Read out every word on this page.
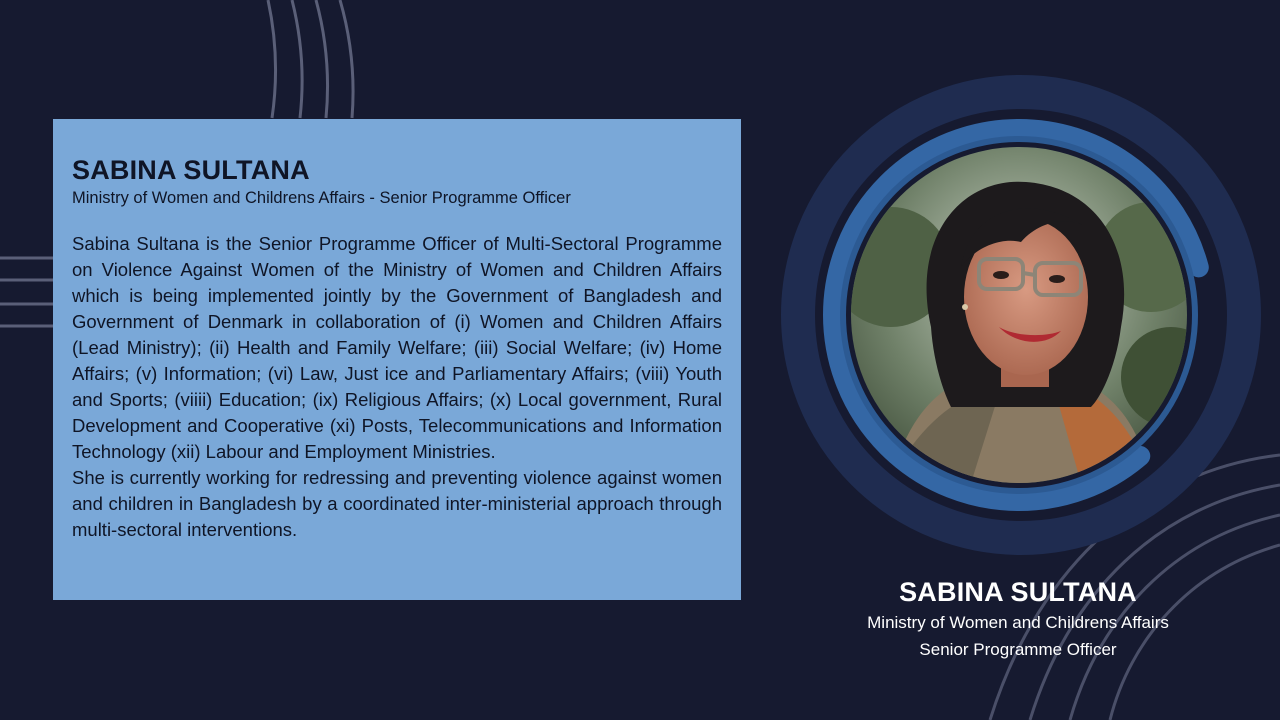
SABINA SULTANA
Ministry of Women and Childrens Affairs - Senior Programme Officer

Sabina Sultana is the Senior Programme Officer of Multi-Sectoral Programme on Violence Against Women of the Ministry of Women and Children Affairs which is being implemented jointly by the Government of Bangladesh and Government of Denmark in collaboration of (i) Women and Children Affairs (Lead Ministry); (ii) Health and Family Welfare; (iii) Social Welfare; (iv) Home Affairs; (v) Information; (vi) Law, Just ice and Parliamentary Affairs; (viii) Youth and Sports; (viiii) Education; (ix) Religious Affairs; (x) Local government, Rural Development and Cooperative (xi) Posts, Telecommunications and Information Technology (xii) Labour and Employment Ministries.

She is currently working for redressing and preventing violence against women and children in Bangladesh by a coordinated inter-ministerial approach through multi-sectoral interventions.

SABINA SULTANA
Ministry of Women and Childrens Affairs
Senior Programme Officer
